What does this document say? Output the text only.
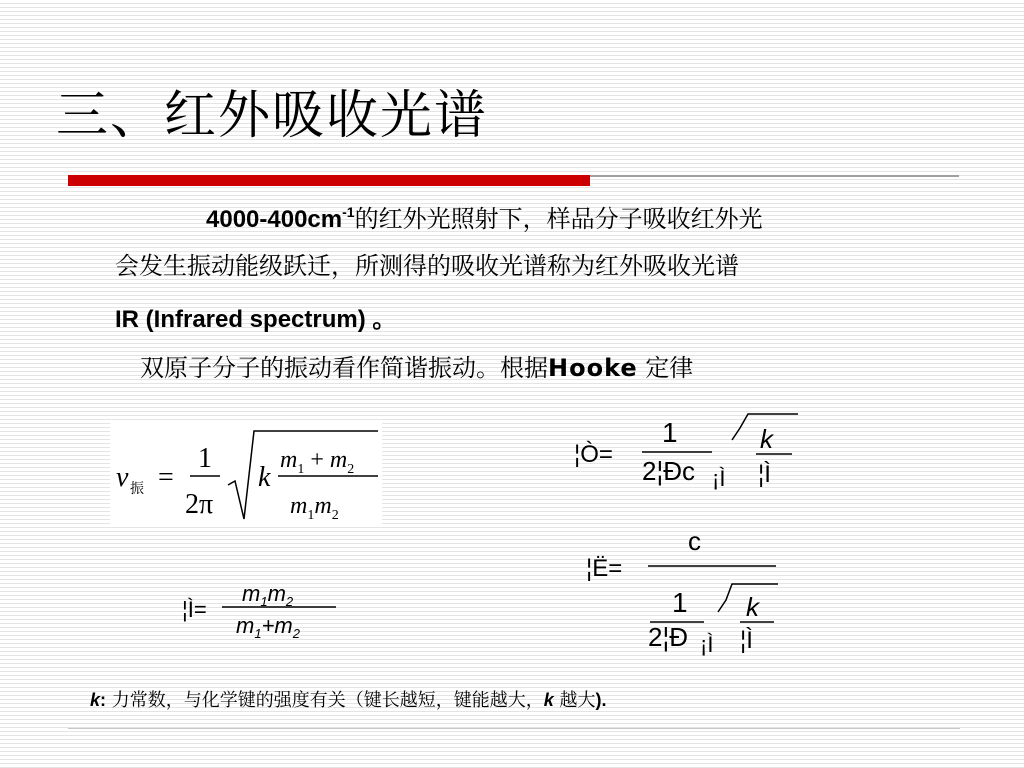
三、红外吸收光谱
$4000-400cm^{-1}$的红外光照射下，样品分子吸收红外光
会发生振动能级跃迁，所测得的吸收光谱称为红外吸收光谱
IR (Infrared spectrum) 。
双原子分子的振动看作简谐振动。根据Hooke 定律
v 振 =
1
2π
k
$m_1 + m_2$
$m_1m_2$
¦Ì=
$m_1m_2$
$m_1+m_2$
¦Ò=
1
2¦Ðc ¡Ì
k
¦Ì
¦Ë=
c
1
2¦Ð ¡Ì
k
¦Ì
k: 力常数，与化学键的强度有关（键长越短，键能越大，k 越大).
